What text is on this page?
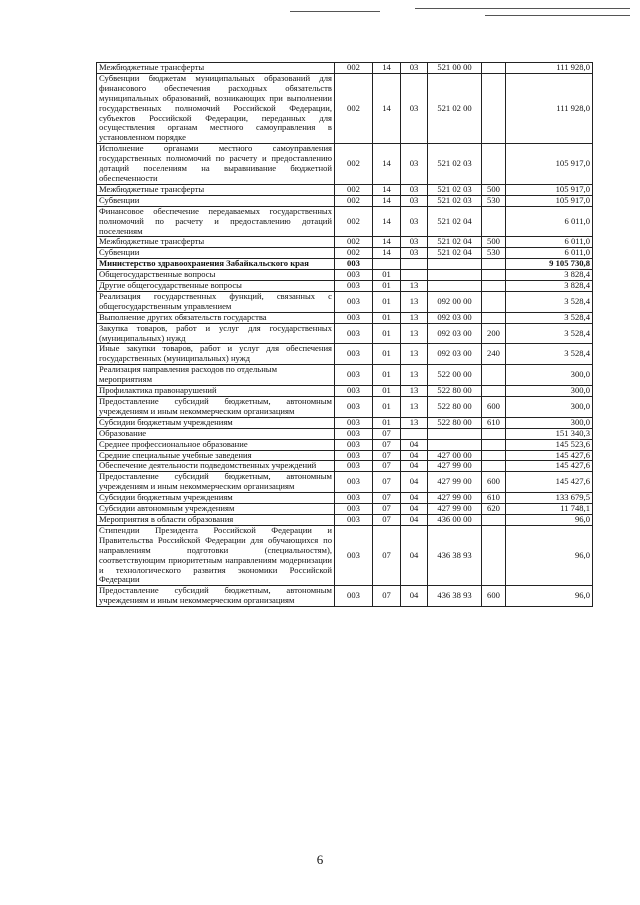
Межбюджетные трансферты	002	14	03	521 00 00		111 928,0
Субвенции бюджетам муниципальных образований для финансового обеспечения расходных обязательств муниципальных образований, возникающих при выполнении государственных полномочий Российской Федерации, субъектов Российской Федерации, переданных для осуществления органам местного самоуправления в установленном порядке	002	14	03	521 02 00		111 928,0
Исполнение органами местного самоуправления государственных полномочий по расчету и предоставлению дотаций поселениям на выравнивание бюджетной обеспеченности	002	14	03	521 02 03		105 917,0
Межбюджетные трансферты	002	14	03	521 02 03	500	105 917,0
Субвенции	002	14	03	521 02 03	530	105 917,0
Финансовое обеспечение передаваемых государственных полномочий по расчету и предоставлению дотаций поселениям	002	14	03	521 02 04		6 011,0
Межбюджетные трансферты	002	14	03	521 02 04	500	6 011,0
Субвенции	002	14	03	521 02 04	530	6 011,0
Министерство здравоохранения Забайкальского края	003					9 105 730,8
Общегосударственные вопросы	003	01				3 828,4
Другие общегосударственные вопросы	003	01	13			3 828,4
Реализация государственных функций, связанных с общегосударственным управлением	003	01	13	092 00 00		3 528,4
Выполнение других обязательств государства	003	01	13	092 03 00		3 528,4
Закупка товаров, работ и услуг для государственных (муниципальных) нужд	003	01	13	092 03 00	200	3 528,4
Иные закупки товаров, работ и услуг для обеспечения государственных (муниципальных) нужд	003	01	13	092 03 00	240	3 528,4
Реализация направления расходов по отдельным мероприятиям	003	01	13	522 00 00		300,0
Профилактика правонарушений	003	01	13	522 80 00		300,0
Предоставление субсидий бюджетным, автономным учреждениям и иным некоммерческим организациям	003	01	13	522 80 00	600	300,0
Субсидии бюджетным учреждениям	003	01	13	522 80 00	610	300,0
Образование	003	07				151 340,3
Среднее профессиональное образование	003	07	04			145 523,6
Средние специальные учебные заведения	003	07	04	427 00 00		145 427,6
Обеспечение деятельности подведомственных учреждений	003	07	04	427 99 00		145 427,6
Предоставление субсидий бюджетным, автономным учреждениям и иным некоммерческим организациям	003	07	04	427 99 00	600	145 427,6
Субсидии бюджетным учреждениям	003	07	04	427 99 00	610	133 679,5
Субсидии автономным учреждениям	003	07	04	427 99 00	620	11 748,1
Мероприятия в области образования	003	07	04	436 00 00		96,0
Стипендии Президента Российской Федерации и Правительства Российской Федерации для обучающихся по направлениям подготовки (специальностям), соответствующим приоритетным направлениям модернизации и технологического развития экономики Российской Федерации	003	07	04	436 38 93		96,0
Предоставление субсидий бюджетным, автономным учреждениям и иным некоммерческим организациям	003	07	04	436 38 93	600	96,0
6
